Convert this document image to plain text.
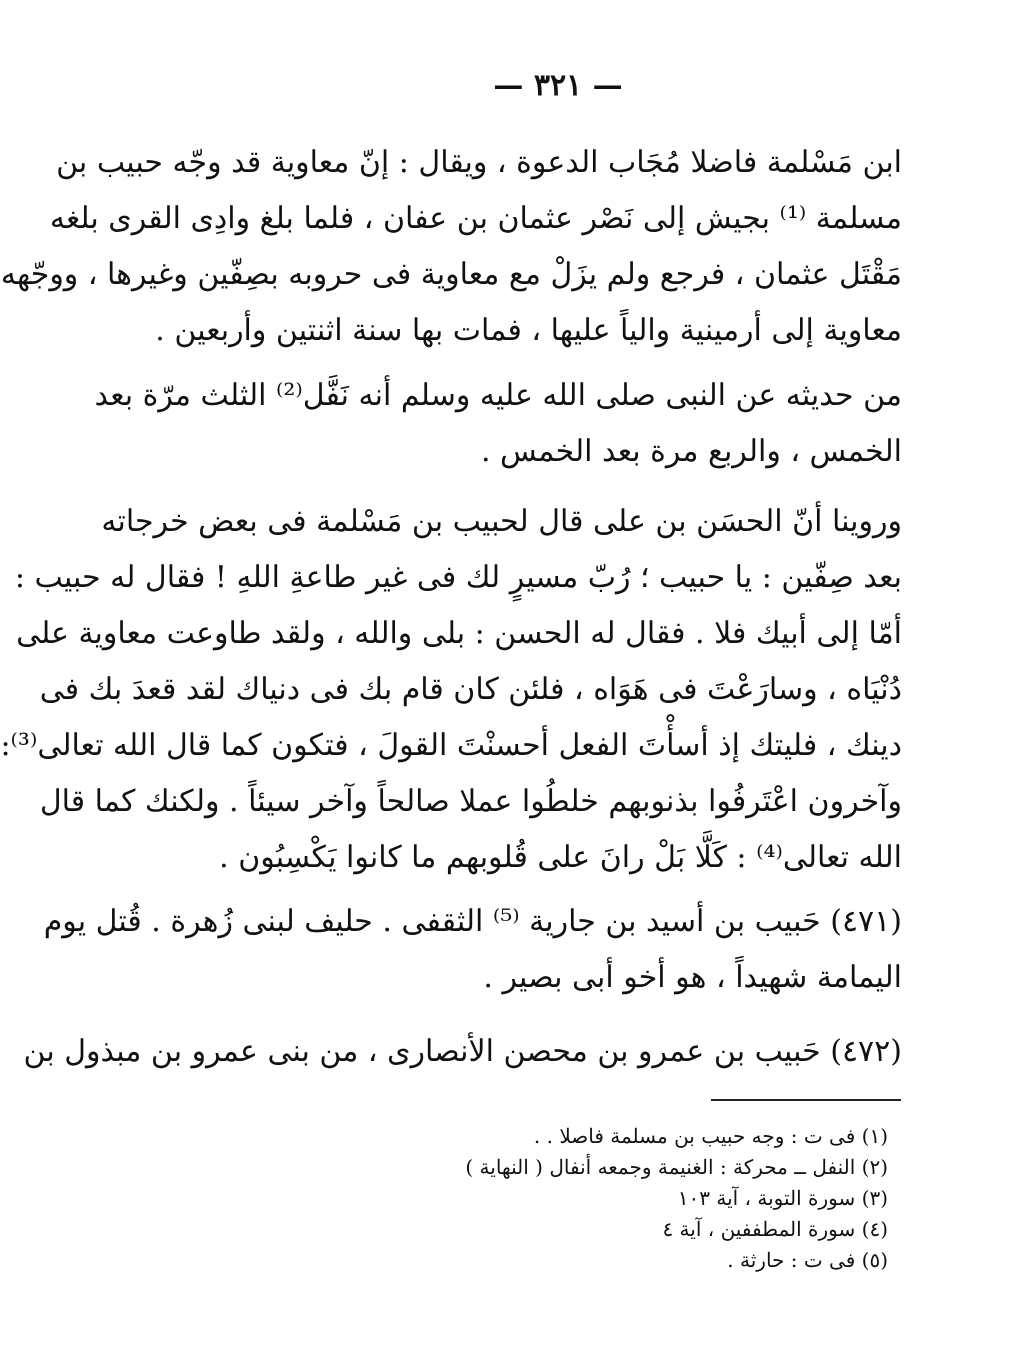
— ٣٢١ —
ابن مَسْلمة فاضلا مُجَاب الدعوة ، ويقال : إنّ معاوية قد وجّه حبيب بن
مسلمة ⁽¹⁾ بجيش إلى نَصْر عثمان بن عفان ، فلما بلغ وادِى القرى بلغه
مَقْتَل عثمان ، فرجع ولم يزَلْ مع معاوية فى حروبه بصِفّين وغيرها ، ووجّهه
معاوية إلى أرمينية والياً عليها ، فمات بها سنة اثنتين وأربعين .
من حديثه عن النبى صلى الله عليه وسلم أنه نَفَّل⁽²⁾ الثلث مرّة بعد
الخمس ، والربع مرة بعد الخمس .
وروينا أنّ الحسَن بن على قال لحبيب بن مَسْلمة فى بعض خرجاته
بعد صِفّين : يا حبيب ؛ رُبّ مسيرٍ لك فى غير طاعةِ اللهِ ! فقال له حبيب :
أمّا إلى أبيك فلا . فقال له الحسن : بلى والله ، ولقد طاوعت معاوية على
دُنْيَاه ، وسارَعْتَ فى هَوَاه ، فلئن كان قام بك فى دنياك لقد قعدَ بك فى
دينك ، فليتك إذ أسأْتَ الفعل أحسنْتَ القولَ ، فتكون كما قال الله تعالى⁽³⁾:
وآخرون اعْتَرفُوا بذنوبهم خلطُوا عملا صالحاً وآخر سيئاً . ولكنك كما قال
الله تعالى⁽⁴⁾ : كَلَّا بَلْ رانَ على قُلوبهم ما كانوا يَكْسِبُون .
(٤٧١) حَبيب بن أسيد بن جارية ⁽⁵⁾ الثقفى . حليف لبنى زُهرة . قُتل يوم
اليمامة شهيداً ، هو أخو أبى بصير .
(٤٧٢) حَبيب بن عمرو بن محصن الأنصارى ، من بنى عمرو بن مبذول بن
(١) فى ت : وجه حبيب بن مسلمة فاصلا . .
(٢) النفل ــ محركة : الغنيمة وجمعه أنفال ( النهاية )
(٣) سورة التوبة ، آية ١٠٣
(٤) سورة المطففين ، آية ٤
(٥) فى ت : حارثة .
